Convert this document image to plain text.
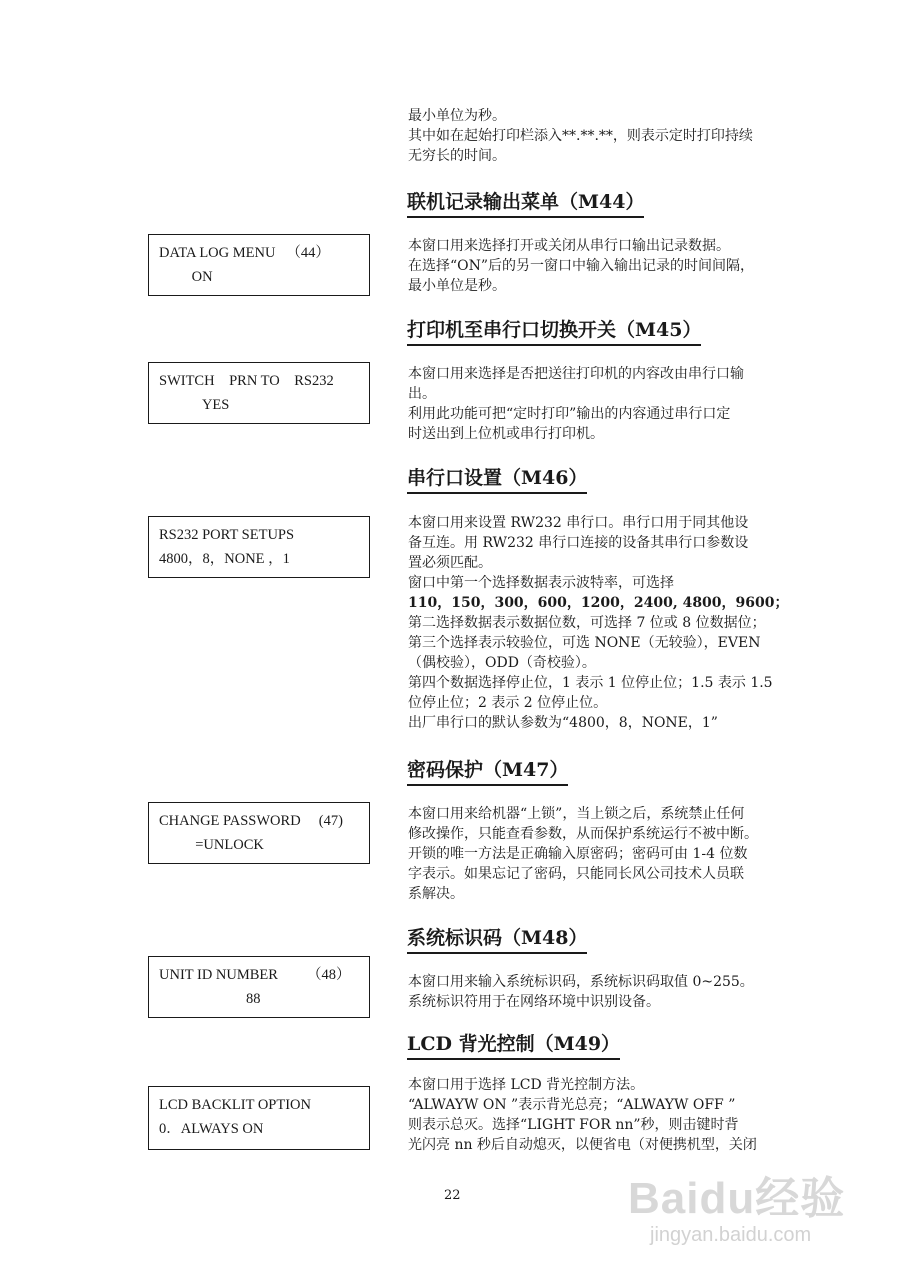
最小单位为秒。
其中如在起始打印栏添入**.**.**，则表示定时打印持续
无穷长的时间。
联机记录输出菜单（M44）
DATA LOG MENU   （44）
ON
本窗口用来选择打开或关闭从串行口输出记录数据。
在选择“ON”后的另一窗口中输入输出记录的时间间隔，
最小单位是秒。
打印机至串行口切换开关（M45）
SWITCH    PRN TO    RS232
YES
本窗口用来选择是否把送往打印机的内容改由串行口输
出。
利用此功能可把“定时打印”输出的内容通过串行口定
时送出到上位机或串行打印机。
串行口设置（M46）
RS232 PORT SETUPS
4800，8，NONE ，1
本窗口用来设置 RW232 串行口。串行口用于同其他设
备互连。用 RW232 串行口连接的设备其串行口参数设
置必须匹配。
窗口中第一个选择数据表示波特率，可选择
110，150，300，600，1200，2400, 4800，9600；
第二选择数据表示数据位数，可选择 7 位或 8 位数据位；
第三个选择表示较验位，可选 NONE（无较验），EVEN
（偶校验），ODD（奇校验）。
第四个数据选择停止位，1 表示 1 位停止位；1.5 表示 1.5
位停止位；2 表示 2 位停止位。
出厂串行口的默认参数为“4800，8，NONE，1”
密码保护（M47）
CHANGE PASSWORD     (47)
=UNLOCK
本窗口用来给机器“上锁”，当上锁之后，系统禁止任何
修改操作，只能查看参数，从而保护系统运行不被中断。
开锁的唯一方法是正确输入原密码；密码可由 1-4 位数
字表示。如果忘记了密码，只能同长风公司技术人员联
系解决。
系统标识码（M48）
UNIT ID NUMBER        （48）
88
本窗口用来输入系统标识码，系统标识码取值 0~255。
系统标识符用于在网络环境中识别设备。
LCD 背光控制（M49）
LCD BACKLIT OPTION
0．ALWAYS ON
本窗口用于选择 LCD 背光控制方法。
“ALWAYW ON ”表示背光总亮；“ALWAYW OFF ”
则表示总灭。选择“LIGHT FOR nn”秒，则击键时背
光闪亮 nn 秒后自动熄灭，以便省电（对便携机型，关闭
22	Baidu经验
jingyan.baidu.com
